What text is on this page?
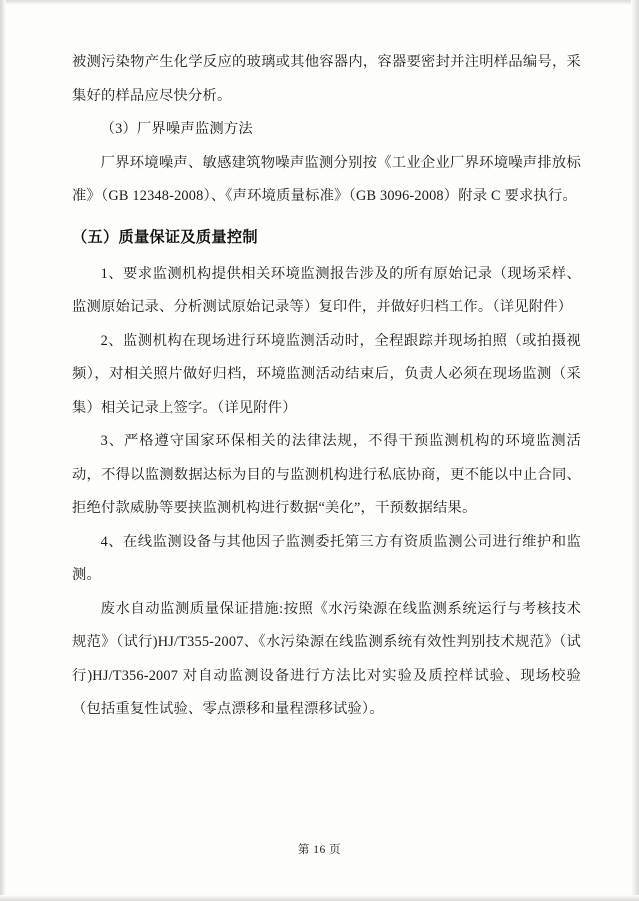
被测污染物产生化学反应的玻璃或其他容器内，容器要密封并注明样品编号，采集好的样品应尽快分析。

（3）厂界噪声监测方法

厂界环境噪声、敏感建筑物噪声监测分别按《工业企业厂界环境噪声排放标准》（GB 12348-2008）、《声环境质量标准》（GB 3096-2008）附录 C 要求执行。

（五）质量保证及质量控制

1、要求监测机构提供相关环境监测报告涉及的所有原始记录（现场采样、监测原始记录、分析测试原始记录等）复印件，并做好归档工作。（详见附件）

2、监测机构在现场进行环境监测活动时，全程跟踪并现场拍照（或拍摄视频），对相关照片做好归档，环境监测活动结束后，负责人必须在现场监测（采集）相关记录上签字。（详见附件）

3、严格遵守国家环保相关的法律法规，不得干预监测机构的环境监测活动，不得以监测数据达标为目的与监测机构进行私底协商，更不能以中止合同、拒绝付款威胁等要挟监测机构进行数据“美化”，干预数据结果。

4、在线监测设备与其他因子监测委托第三方有资质监测公司进行维护和监测。

废水自动监测质量保证措施:按照《水污染源在线监测系统运行与考核技术规范》（试行)HJ/T355-2007、《水污染源在线监测系统有效性判别技术规范》（试行)HJ/T356-2007 对自动监测设备进行方法比对实验及质控样试验、现场校验（包括重复性试验、零点漂移和量程漂移试验）。

第 16 页
